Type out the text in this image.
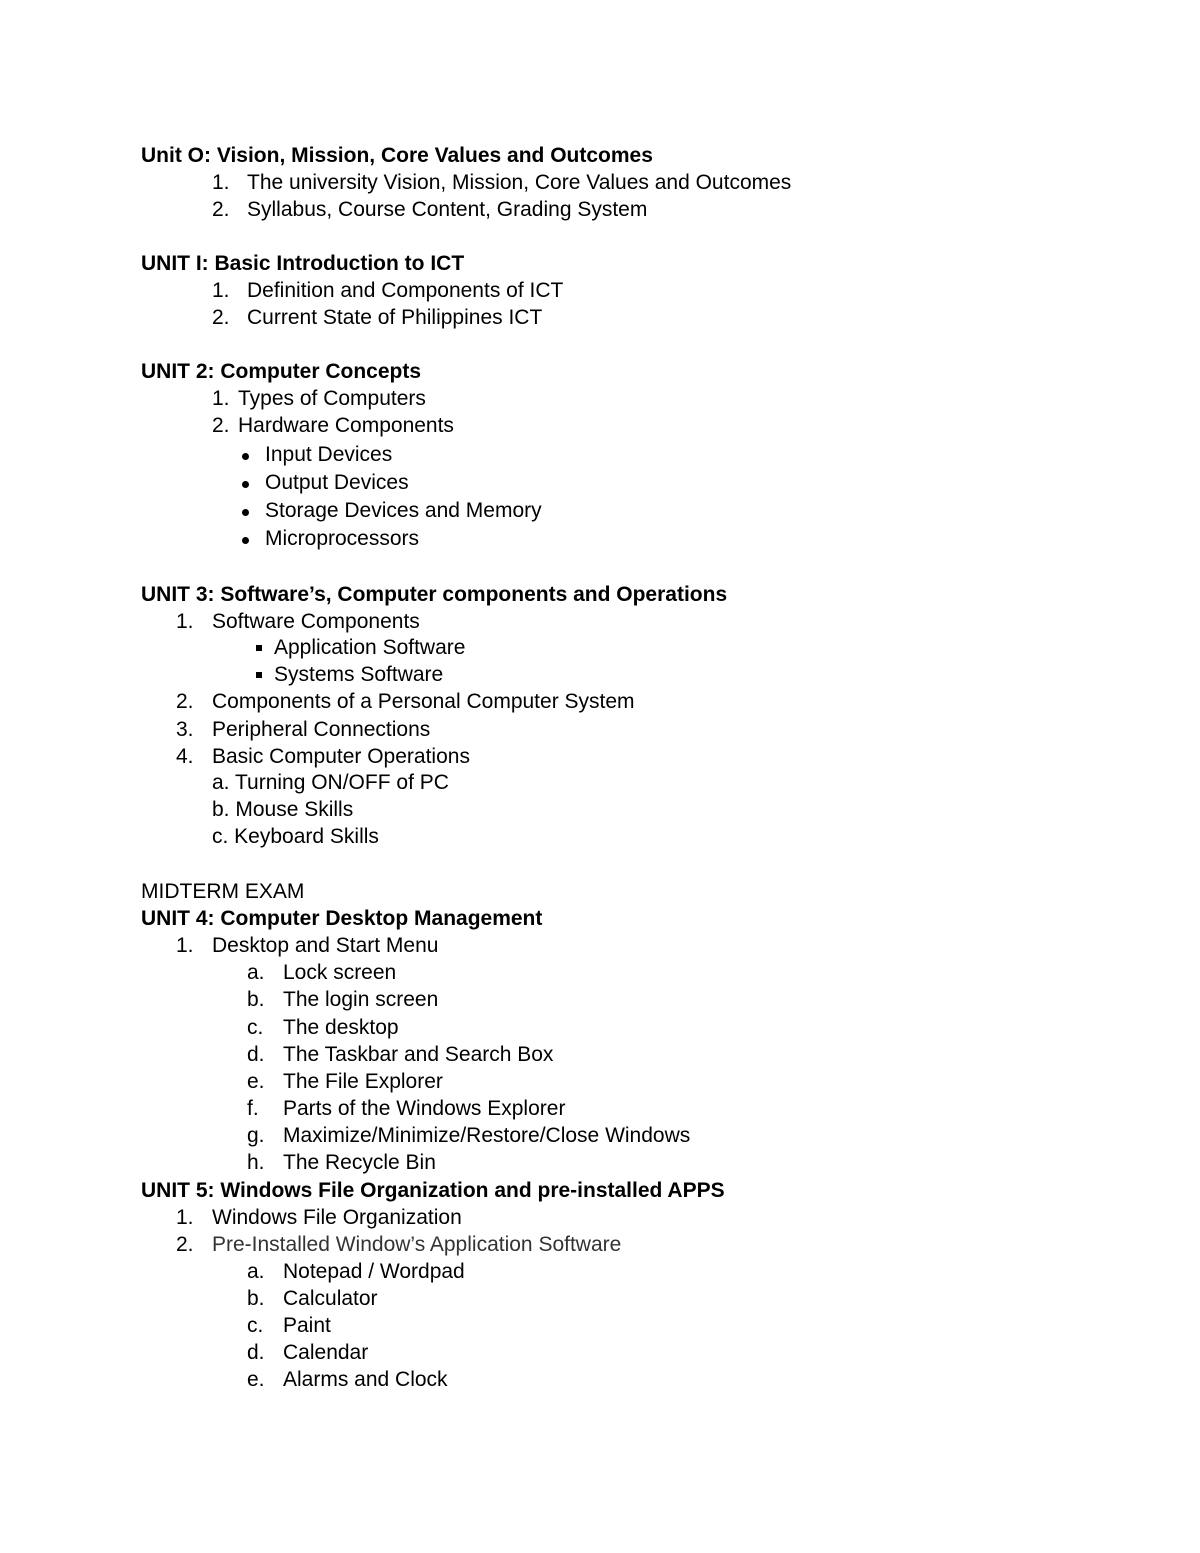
Unit O: Vision, Mission, Core Values and Outcomes
1. The university Vision, Mission, Core Values and Outcomes
2. Syllabus, Course Content, Grading System
UNIT I: Basic Introduction to ICT
1. Definition and Components of ICT
2. Current State of Philippines ICT
UNIT 2: Computer Concepts
1. Types of Computers
2. Hardware Components
Input Devices
Output Devices
Storage Devices and Memory
Microprocessors
UNIT 3: Software’s, Computer components and Operations
1. Software Components
Application Software
Systems Software
2. Components of a Personal Computer System
3. Peripheral Connections
4. Basic Computer Operations
a. Turning ON/OFF of PC
b. Mouse Skills
c. Keyboard Skills
MIDTERM EXAM
UNIT 4: Computer Desktop Management
1. Desktop and Start Menu
a. Lock screen
b. The login screen
c. The desktop
d. The Taskbar and Search Box
e. The File Explorer
f. Parts of the Windows Explorer
g. Maximize/Minimize/Restore/Close Windows
h. The Recycle Bin
UNIT 5: Windows File Organization and pre-installed APPS
1. Windows File Organization
2. Pre-Installed Window’s Application Software
a. Notepad / Wordpad
b. Calculator
c. Paint
d. Calendar
e. Alarms and Clock
